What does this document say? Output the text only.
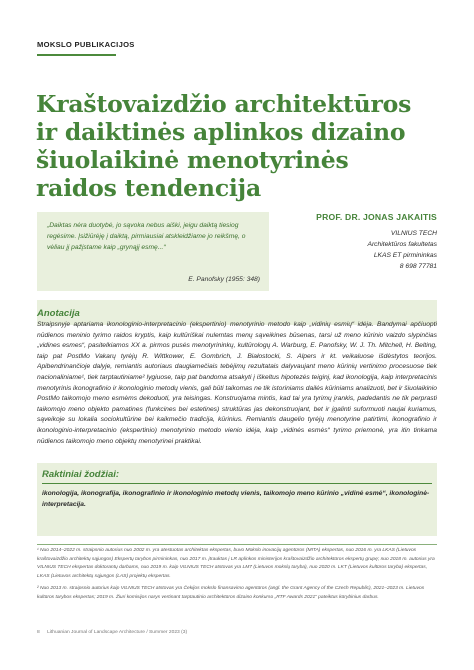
MOKSLO PUBLIKACIJOS
Kraštovaizdžio architektūros ir daiktinės aplinkos dizaino šiuolaikinė menotyrinės raidos tendencija

„Daiktas nėra duotybė, jo sąvoka nebus aiški, jeigu daiktą tiesiog regėsime. Įsižiūrėję į daiktą, pirmiausiai atskleidžiame jo reikšmę, o vėliau jį pažįstame kaip „grynąjį esmę...“

E. Panofsky (1955: 348)

PROF. DR. JONAS JAKAITIS
VILNIUS TECH
Architektūros fakultetas
LKAS ET pirmininkas
8 698 77781
Anotacija

Straipsnyje aptariama ikonologinio-interpretacinio (ekspertinio) menotyrinio metodo kaip „vidinių esmių“ idėja. Bandymai apčiuopti nūdienos meninio tyrimo raidos kryptis, kaip kultūriškai nulemtas menų sąveikines būsenas, tarsi už meno kūrinio vaizdo slypinčias „vidines esmes“, pasitelkiamos XX a. pirmos pusės menotyrininkų, kultūrologų A. Warburg, E. Panofsky, W. J. Th. Mitchell, H. Belting, taip pat PostMo Vakarų tyrėjų R. Wittkower, E. Gombrich, J. Białostocki, S. Alpers ir kt. veikaluose išdėstytos teorijos. Apibendrinančioje dalyje, remiantis autoriaus daugiamečiais tebėjimų rezultatais dalyvaujant meno kūrinių vertinimo procesuose tiek nacionaliniame¹, tiek tarptautiniame² lygiuose, taip pat bandoma atsakyti į iškeltus hipotezės teiginį, kad ikonologija, kaip interpretacinis menotyrinis ikonografinio ir ikonologinio metodų vienis, gali būti taikomas ne tik istoriniams dailės kūriniams analizuoti, bet ir šiuolaikinio PostMo taikomojo meno esmėms dekoduoti, yra teisingas. Konstruojama mintis, kad tai yra tyrimų įrankis, padedantis ne tik perprasti taikomojo meno objekto pamatines (funkcines bei estetines) struktūras jas dekonstruojant, bet ir įgalinti suformuoti naujai kuriamus, sąveikoje su lokalia sociokultūrine bei kaikmečio tradicija, kūrinius. Remiantis daugelio tyrėjų menotyrine patirtimi, ikonografinio ir ikonologinio-interpretacinio (ekspertinio) menotyrinio metodo vienio idėja, kaip „vidinės esmės“ tyrimo priemonė, yra itin tinkama nūdienos taikomojo meno objektų menotyrinei praktikai.

Raktiniai žodžiai:

ikonologija, ikonografija, ikonografinio ir ikonologinio metodų vienis, taikomojo meno kūrinio „vidinė esmė“, ikonologinė-interpretacija.

¹ Nuo 2014–2022 m. straipsnio autorius nuo 2002 m. yra atestuotas architektas ekspertas, buvo Mokslo inovacijų agentūros (MITA) ekspertas, nuo 2016 m. yra LKAS (Lietuvos kraštovaizdžio architektų sąjungos) Ekspertų tarybos pirmininkas, nuo 2017 m. įtrauktas į LR aplinkos ministerijos kraštovaizdžio architektūros ekspertų grupę; nuo 2018 m. autorius yra VILNIUS TECH ekspertas doktorantų darbams, nuo 2019 m. kaip VILNIUS TECH atstovas yra LM7 (Lietuvos mokslų taryba), nuo 2020 m. LKT (Lietuvos kultūros taryba) ekspertas, LKAS (Lietuvos architektų sąjungos (LAS) projektų ekspertas.

² Nuo 2013 m. straipsnio autorius kaip VILNIUS TECH atstovas yra Čekijos mokslo finansavimo agentūros (angl. the Grant Agency of the Czech Republic), 2021–2023 m. Lietuvos kultūros tarybos ekspertas; 2019 m. Žiuri komisijos narys vertinant tarptautinio architektūros dizaino konkurso „RTF Awards 2021“ pateiktus kūrybinius darbus.

8 Lithuanian Journal of Landscape Architecture / Summer 2023 (3)
